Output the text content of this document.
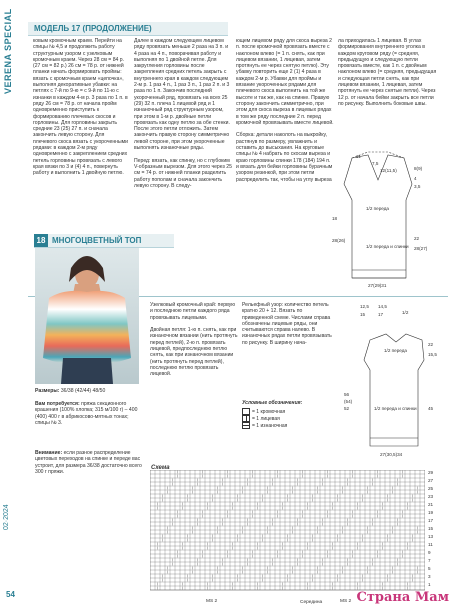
VERENA SPECIAL
02·2024
54
МОДЕЛЬ 17 (ПРОДОЛЖЕНИЕ)
ковым кромочным краем. Перейти на спицы № 4,5 и продолжить работу структурным узором с узелковым кромочным краем. Через 28 см = 84 р. (27 см = 82 р.) 26 см = 78 р. от нижней планки начать формировать проймы: вязать с кромочным краем «цепочка», выполняя декоративные убавки: на петлях с 7-й по 9-ю = с 9-й по 11-ю с изнанки в каждом 4-м р. 3 раза по 1 п. в ряду 26 см = 78 р. от начала пройм одновременно приступить к формированию плечевых скосов и горловины. Для горловины закрыть средние 23 (25) 27 п. и сначала закончить левую сторону. Для плечевого скоса вязать с укороченными рядами: в каждом 2-м ряду одновременно с закреплением средних петель горловины провязать с левого края вязки по 3 и (4) 4 п., повернуть работу и выполнить 1 двойную петлю.
Далее в каждом следующем лицевом ряду провязать меньше 2 раза на 3 п. и 4 раза на 4 п., поворачивая работу и выполняя по 1 двойной петле. Для закругления горловины после закрепления средних петель закрыть с внутреннего края в каждом следующем 2-м р. 1 раз 4 п., 1 раз 3 п., 1 раз 2 п. и 3 раза по 1 п. Закончив последний укороченный ряд, провязать на всех 25 (29) 32 п. плеча 1 лицевой ряд и 1 изнаночный ряд структурным узором, при этом в 1-м р. двойные петли провязать как одну петлю за обе стенки. После этого петли отложить. Затем закончить правую сторону симметрично левой стороне, при этом укороченные выполнять изнаночные ряды.

Перед: вязать, как спинку, но с глубоким V-образным вырезом. Для этого через 25 см = 74 р. от нижней планки разделить работу пополам и сначала закончить левую сторону. В следу-
ющем лицевом ряду для скоса выреза 2 п. после кромочной провязать вместе с наклоном влево (= 1 п. снять, как при лицевом вязании, 1 лицевая, затем протянуть ее через снятую петлю). Эту убавку повторить еще 2 (1) 4 раза в каждом 2-м р. Убавки для проймы и вязание укороченных рядами для плечевого скоса выполнить на той же высоте и так же, как на спинке. Правую сторону закончить симметрично, при этом для скоса выреза в лицевых рядах в том же ряду последние 2 п. перед кромочной провязывать вместе лицевой.

Сборка: детали наколоть на выкройку, растянув по размеру, увлажнить и оставить до высыхания. На круговые спицы № 4 набрать по скосам выреза и краю горловины спинки 178 (184) 194 п. и вязать для бейки горловины бурачным узором резинкой, при этом петли распределить так, чтобы на углу выреза
ла приходилась 1 лицевая. В углах формирования внутреннего уголка в каждом круговом ряду (= средняя, предыдущую и следующую петли провязать вместе, как 1 п. с двойным наклоном влево (= средняя, предыдущая и следующая петли снять, как при лицевом вязании, 1 лицевая, затем протянуть ее через снятые петли). Через 12 р. от начала бейки закрыть все петли по рисунку. Выполнить боковые швы.
11
7,5
12(11,5)	8(9)
4
3,5
1/2 переда и спинки
1/2 переда
28(26)
18
22
28(27)
27(29)31
18 МНОГОЦВЕТНЫЙ ТОП
Размеры: 36/38 (42/44) 48/50
Вам потребуется: пряжа секционного крашения (100% хлопка; 315 м/100 г) – 400 (400) 400 г в абрикосово-мятных тонах; спицы № 3.
Внимание: если разное распределение цветовых переходов на спинке и переде вас устроит, для размера 36/38 достаточно всего 300 г пряжи.
Узелковый кромочный край: первую и последнюю петли каждого ряда провязывать лицевыми.

Двойная петля: 1-ю п. снять, как при изнаночном вязании (нить протянуть перед петлей), 2-ю п. провязать лицевой, предпоследнюю петлю снять, как при изнаночном вязании (нить протянуть перед петлей), последнюю петлю провязать лицевой.
Рельефный узор: количество петель кратно 20 + 12. Вязать по приведенной схеме. Числами справа обозначены лицевые ряды, они считываются справа налево. В изнаночных рядах петли провязывать по рисунку. В ширину нача-
Условные обозначения:
= 1 кромочная
= 1 лицевая
= 1 изнаночная
12,5 14,5
15	17	1/2
1/2 переда
22
15,5
56
(54)
52	45
1/2 переда и спинки
27(30,5)34
Схема
29
27
25
23
21
19
17
15
13
11
9
7
5
3
1
MS 2	Середина	MS 2 Страна Мам
